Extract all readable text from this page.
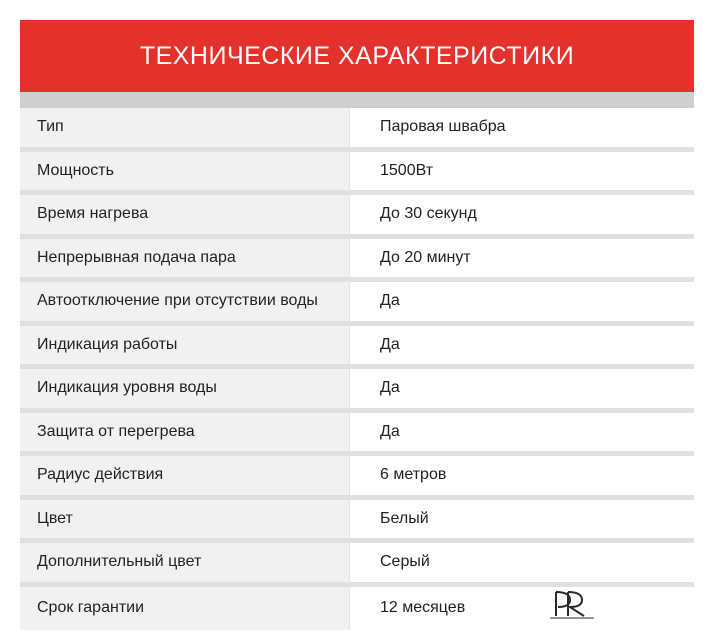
ТЕХНИЧЕСКИЕ ХАРАКТЕРИСТИКИ
Тип	Паровая швабра
Мощность	1500Вт
Время нагрева	До 30 секунд
Непрерывная подача пара	До 20 минут
Автоотключение при отсутствии воды	Да
Индикация работы	Да
Индикация уровня воды	Да
Защита от перегрева	Да
Радиус действия	6 метров
Цвет	Белый
Дополнительный цвет	Серый
Срок гарантии	12 месяцев
